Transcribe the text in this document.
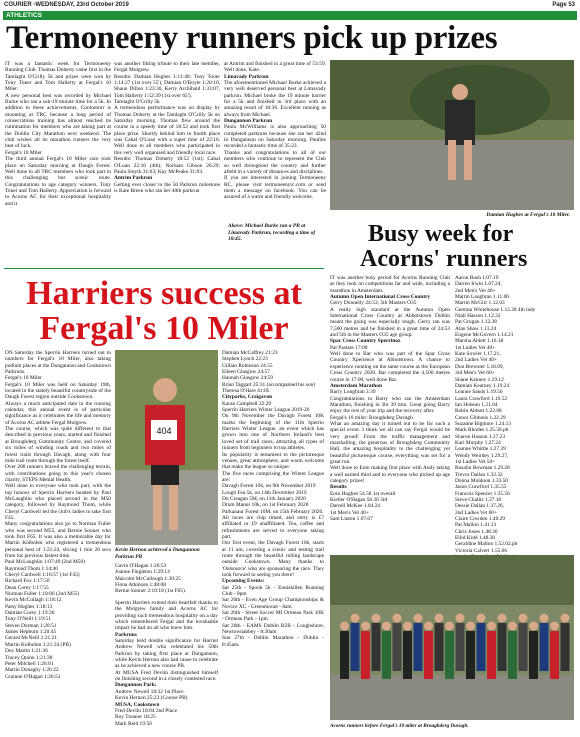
COURIER -WEDNESDAY, 23rd October 2019	Page 53
ATHLETICS
Termoneeny runners pick up prizes

IT was a fantastic week for Termoneeny Running Club. Thomas Doherty came first in the Tamlaght O'Crilly 5k and prizes were won by Tony Toner and Tom Hallerty at Fergal's 10 Miler.

A new personal best was recorded by Michael Burke who ran a sub-19 minute time for a 5k. In addition to these achievements, Conlomnrr is mounting at TRC because a long period of consecrations training has almost reached its culmination for members who are taking part at the Dublin City Marathon next weekend. The club wishes all its marathon runners the very best of luck.

Fergal's 10 Miler

The third annual Fergal's 10 Miler race took place on Saturday morning at Daugh Forest. Well done to all TRC members who took part in this challenging but scenic route. Congratulations to age category winners, Tony Toner and Tom Hallerty. Appreciation is forward to Acorns AC for their exceptional hospitality and it

was another fitting tribute to their late member, Fergal Mulgrew.

Results: Damian Hughes 1:11:40; Tony Toner 1:14:27 (1st over 55'), Damian O'Boyle 1:20:10, Shaun Dillon 1:23:30, Kerry Archibald 1:33:07, Tom Hallerty 1:52:39 (1st over 65').

Tamlaght O'Crilly 5k

A tremendous performance was on display by Thomas Doherty at the Tamlaght O'Crilly 5k on Saturday morning. Thomas flew around the course in a speedy time of 18:52 and took first place prize. Shortly behind him in fourth place was Cahal O'Loan with a super time of 22:16. Well done to all members who participated in this very well organised and friendly local race.

Results: Thomas Doherty 18:52 (1st); Cahal O'Loan 22:16 (4th); Norman Gibson 26:29; Paula Smyth 31:03; Kay McPeake 31:03.

Antrim Parkrun

Getting ever closer to the 50 Parkrun milestone is Kate Breen who ran her 40th parkrun

at Antrim and finished in a great time of 53:59. Well done, Kate.

Limavady Parkrun

The aforementioned Michael Burke achieved a very well deserved personal best at Limavady parkrun. Michael broke the 19 minute barrier for a 5k and finished in 3rd place with an amazing result of 18:36. Excellent running as always from Michael.

Dungannon Parkrun

Paula McWilliams is also approaching 50 completed parkruns because she ran her 42nd in Dungannon on Saturday morning. Pauline recorded a fantastic time of 35:23.

Thanks and congratulations to all of our members who continue to represent the Club so well throughout the country and further afield in a variety of distances and disciplines.

If you are interested in joining Termoneeny RC, please visit termoneenyrc.com or send them a message on facebook. You can be assured of a warm and friendly welcome.

Above: Michael Burke ran a PB at Limavady Parkrun, recording a time of 18:45.
Damian Hughes at Fergal's 10 Miler.
Busy week for
Acorns' runners
Harriers success at
Fergal's 10 Miler

ON Saturday the Sperrin Harriers turned out in numbers for Fergal's 10 Miler, also taking podium places at the Dungannon and Cookstown Parkruns.

Fergal's 10 Miler

Fergal's 10 Miler was held on Saturday 19th, located in the stately beautiful countryside of the Daugh Forest region outside Cookstown.

Always a much anticipated date in the running calendar, this annual event is of particular significance as it celebrates the life and memory of Acorns AC athlete Fergal Mulgrew.

The course, which was quite different to that described in previous years, started and finished at Broughderg Community Centre, and covered six miles of winding roads and two miles of forest trails through Davagh, along with four mile trail route through the forest itself.

Over 200 runners braved the challenging terrain, with contributions going to this year's chosen charity, STEPS Mental Health.

Well done to everyone who took part, with the top honour of Sperrin Harriers headed by Paul McLaughlin who placed second in the M50 category, followed by Raymond Thom, while Cheryl Cardwell led the club's ladies to take first F45.

Many congratulations also go to Norman Fuller who was second M55, and Bernie Sonner who took first F65. It was also a memorable day for Martin Kolbohm who registered a tremendous personal best of 1:21:24, slicing 1 min 20 secs from his previous fastest time.

Paul McLaughlin 1:07:49 (2nd M50)

Raymond Thom 1:14:40

Cheryl Cardwell 1:16:57 (1st F45)

Richard Fox 1:17:50

Dean Corey 1:17:55

Norman Fuller 1:18:06 (2nd M55)

Kevin McCullagh 1:18:12

Patsy Hughes 1:18:13

Damian Corey 1:19:30

Tony O'Neill 1:19:51

Steven Dorman 1:20:51

James Hepburn 1:20:45

Gerard McNeill 1:21:21

Martin Kolbohm 1:21:24 (PB)

Doc Martin 1:21:36

Tracey Quinn 1:21:38

Peter Mitchell 1:26:01

Martin Donaghy 1:26:22

Grainne O'Hagan 1:26:51

404
Kevin Hernon achieved a Dungannon Parkrun PB

Gavin O'Hagan 1:26:53

Joanne Fingleton 1:29:14

Malcolm McCullough 1:30:25

Fiona Atkinson 1:48:08

Bernie Sonner 2:10:18 (1st F65).

Sperrin Harriers extend their heartfelt thanks to the Mulgrew family and Acorns AC for providing such tremendous hospitality on a day which remembered Fergal and the invaluable impact he had on all who knew him.

Parkruns

Saturday held double significance for Harriet Andrew Newell who celebrated his 50th Parkrun by taking first place at Dungannon, while Kevin Hernon also had cause to celebrate as he achieved a new course PB.

At MUSA Fred Devlin distinguished himself on finishing second in a closely contested race.

Dungannon Park:

Andrew Newell 18:32 1st Place

Kevin Hernon 25:23 (Course PB)

MUSA, Cookstown

Fred Devlin 18:04 2nd Place

Roy Treanor 18:25

Mark Reid 19:50

Damian McCaffrey 21:23

Stephen Lynch 22:23

Gillian Robinson 24:55

Eileen Glasgow 24:57

Hannah Glasgow 24:59

Brian Taggart 25:31 (accompanied his son)

Theresa O'Hare 41:05

Cityparks, Craigavon

Karan Campbell 22:29

Sperrin Harriers Winter League 2019-20

On 9th November the Davagh Forest 10K marks the beginning of the 11th Sperrin Harriers Winter League, an event which has grown into one of Northern Ireland's best loved set of trail races, attracting all types of runners from beginners to top athletes.

Its popularity is testament to the picturesque venues, great atmosphere, and warm welcome that make the league so unique.

The five races comprising the Winter League are:

Davagh Forest 10k, on 9th November 2019

Lough Fea 5k, on 14th December 2019

Dn Creagan 5M, on 11th January 2020

Drum Manor 10k, on 1st February 2020

Parkanaur Forest 10M, on 15th February 2020.

All races are chip timed, and entry is £7 affiliated or £9 unaffiliated. Tea, coffee and refreshments are served to everyone taking part.

Our first event, the Davagh Forest 10k, starts at 11 am, covering a scenic and testing trail route through the beautiful rolling landscape outside Cookstown. Many thanks to 'Outsource' who are sponsoring the race. They look forward to seeing you there!

Upcoming Events:

Sat 25th - Spook 5k - Enniskillen Running Club - 8pm

Sat 26th - Even Age Group Championships & Novice XC - Greenmount - 8am

Sat 26th - Street Soccer MI Ormeau Park 10K - Ormeau Park - 1pm

Sat 26th - EAMS Dublin B2B - Loughshore, Newtownabbey - 8:30am

Sun 27th - Dublin Marathon - Dublin - 8:45am.

IT was another busy period for Acorns Running Club as they took on competitions far and wide, including a marathon in Amsterdam.

Autumn Open International Cross Country

Gerry Donnelly 24:53; 5th Masters O35

A really high standard at the Autumn Open International Cross Country at Abbotstown Dublin meant the going was especially tough. Gerry ran was 7,500 metres and he finished in a great time of 24:53 and 5th in the Masters O35 age group.

Spar Cross Country Sperrinoz

Pat Pastare 17:00

Well done to Bar who was part of the Spar Cross Country Xperience at Abbotstown. A chance to experience running on the same course as the European Cross Country 2020. Bar completed the 4,500 metres course in 17:00, well done Bar.

Amsterdam Marathon

Barry Loughran 3:39

Congratulations to Barry who ran the Amsterdam Marathon, finishing in 3hr 39 min. Great going Barry enjoy the rest of your trip and the recovery after.

Fergal's 10 miler: Broughderg Davagh

What an amazing day it turned out to be for such a special event. I think we all can say Fergal would be very proud! From the traffic management and marshalling, the generous of Broughderg Community Hall, the amazing hospitality to the challenging yet beautiful picturesque course, everything was set for a great run.

Well done to Eoin making first place with Andy taking a well earned third and to everyone who picked up age category prizes!

Results

Eoin Hughes 54.58 1st overall

Kieller O'Hagan 58.30 3rd

Darrell McKee 1.04.24

1st Men's Vet 40+

Sam Linton 1.07.07

Aaron Rush 1.07.19

Darren Irwin 1.07.24,

2nd Men's Vet 40+

Martin Laughran 1.11.06

Martin McGirr 1.12.03

Gemma Whitehouse 1.12.28 4th lady

Niall Hasson 1.12.32

Pat Grogan 1.12.38

Alan Shaw 1.13.24

Eugene McGovern 1.14.21

Marsha Ablett 1.16.18

1st Ladies Vet 40+

Kate Sowler 1.17.21,

2nd Ladies Vet 40+

Don Brewster 1.18.09,

3rd Men's Vet 60+

Shane Kenney 1.19.12

Damian Kearney 1.19.24

Leanne Sands 1.19.50

Laura Crawford 1.19.52

Ian Hobson 1.21.04

Robin Abbott 1.22.08

Conor Gibbons 1.22.29

Suzanne Bigmore 1.24.13

Mark Rhodes 1.25.58.pb

Sharon Hasson 1.27.23

Karl Murphy 1.27.24

Leanne Whittle 1.27.39

Wendy Weirdey 1.29.27,

1st Ladies Vet 50+

Rosalin Bowman 1.29.28

Trevor Dallan 1.32.32

Donna Muldoon 1.33.50

Jason Crawford 1.35.55

Francois Spencer 1.35.56

Steve Challis 1.37.18

Dessie Dallan 1.37.26,

2nd Ladies Vet 60+

Claire Cowden 1.40.29

Pat Mallon 1.41.13

Chris Jones 1.48.30

Eilid Kidd 1.48.30

Geraldine Mallon 1.52.02.pb

Victoria Calvert 1.55.06

Acorns runners before Fergal's 10 miler at Broughderg Davagh.
